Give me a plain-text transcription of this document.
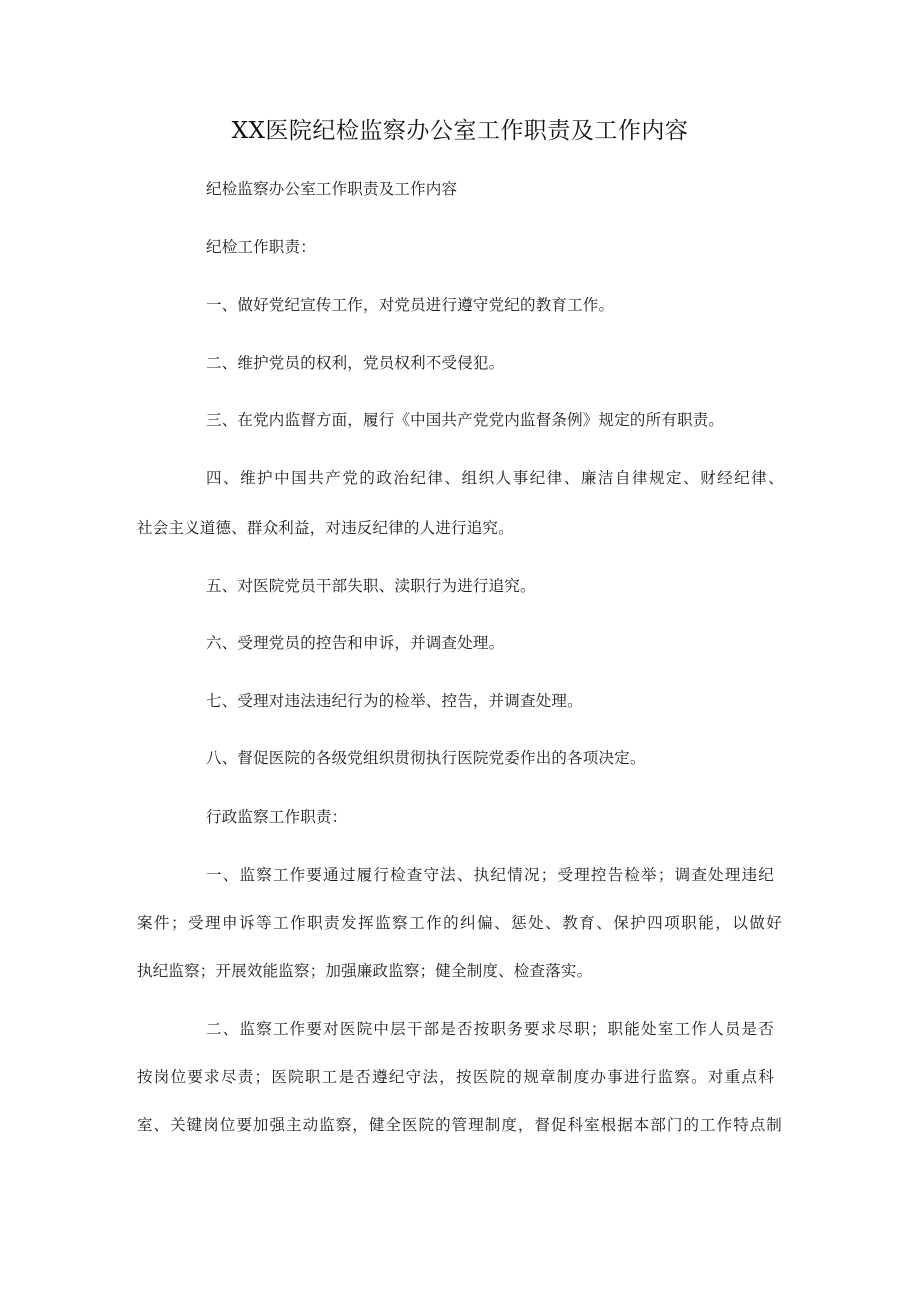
XX医院纪检监察办公室工作职责及工作内容
纪检监察办公室工作职责及工作内容
纪检工作职责：
一、做好党纪宣传工作，对党员进行遵守党纪的教育工作。
二、维护党员的权利，党员权利不受侵犯。
三、在党内监督方面，履行《中国共产党党内监督条例》规定的所有职责。
四、维护中国共产党的政治纪律、组织人事纪律、廉洁自律规定、财经纪律、
社会主义道德、群众利益，对违反纪律的人进行追究。
五、对医院党员干部失职、渎职行为进行追究。
六、受理党员的控告和申诉，并调查处理。
七、受理对违法违纪行为的检举、控告，并调查处理。
八、督促医院的各级党组织贯彻执行医院党委作出的各项决定。
行政监察工作职责：
一、监察工作要通过履行检查守法、执纪情况；受理控告检举；调查处理违纪
案件；受理申诉等工作职责发挥监察工作的纠偏、惩处、教育、保护四项职能，以做好
执纪监察；开展效能监察；加强廉政监察；健全制度、检查落实。
二、监察工作要对医院中层干部是否按职务要求尽职；职能处室工作人员是否
按岗位要求尽责；医院职工是否遵纪守法，按医院的规章制度办事进行监察。对重点科
室、关键岗位要加强主动监察，健全医院的管理制度，督促科室根据本部门的工作特点制
